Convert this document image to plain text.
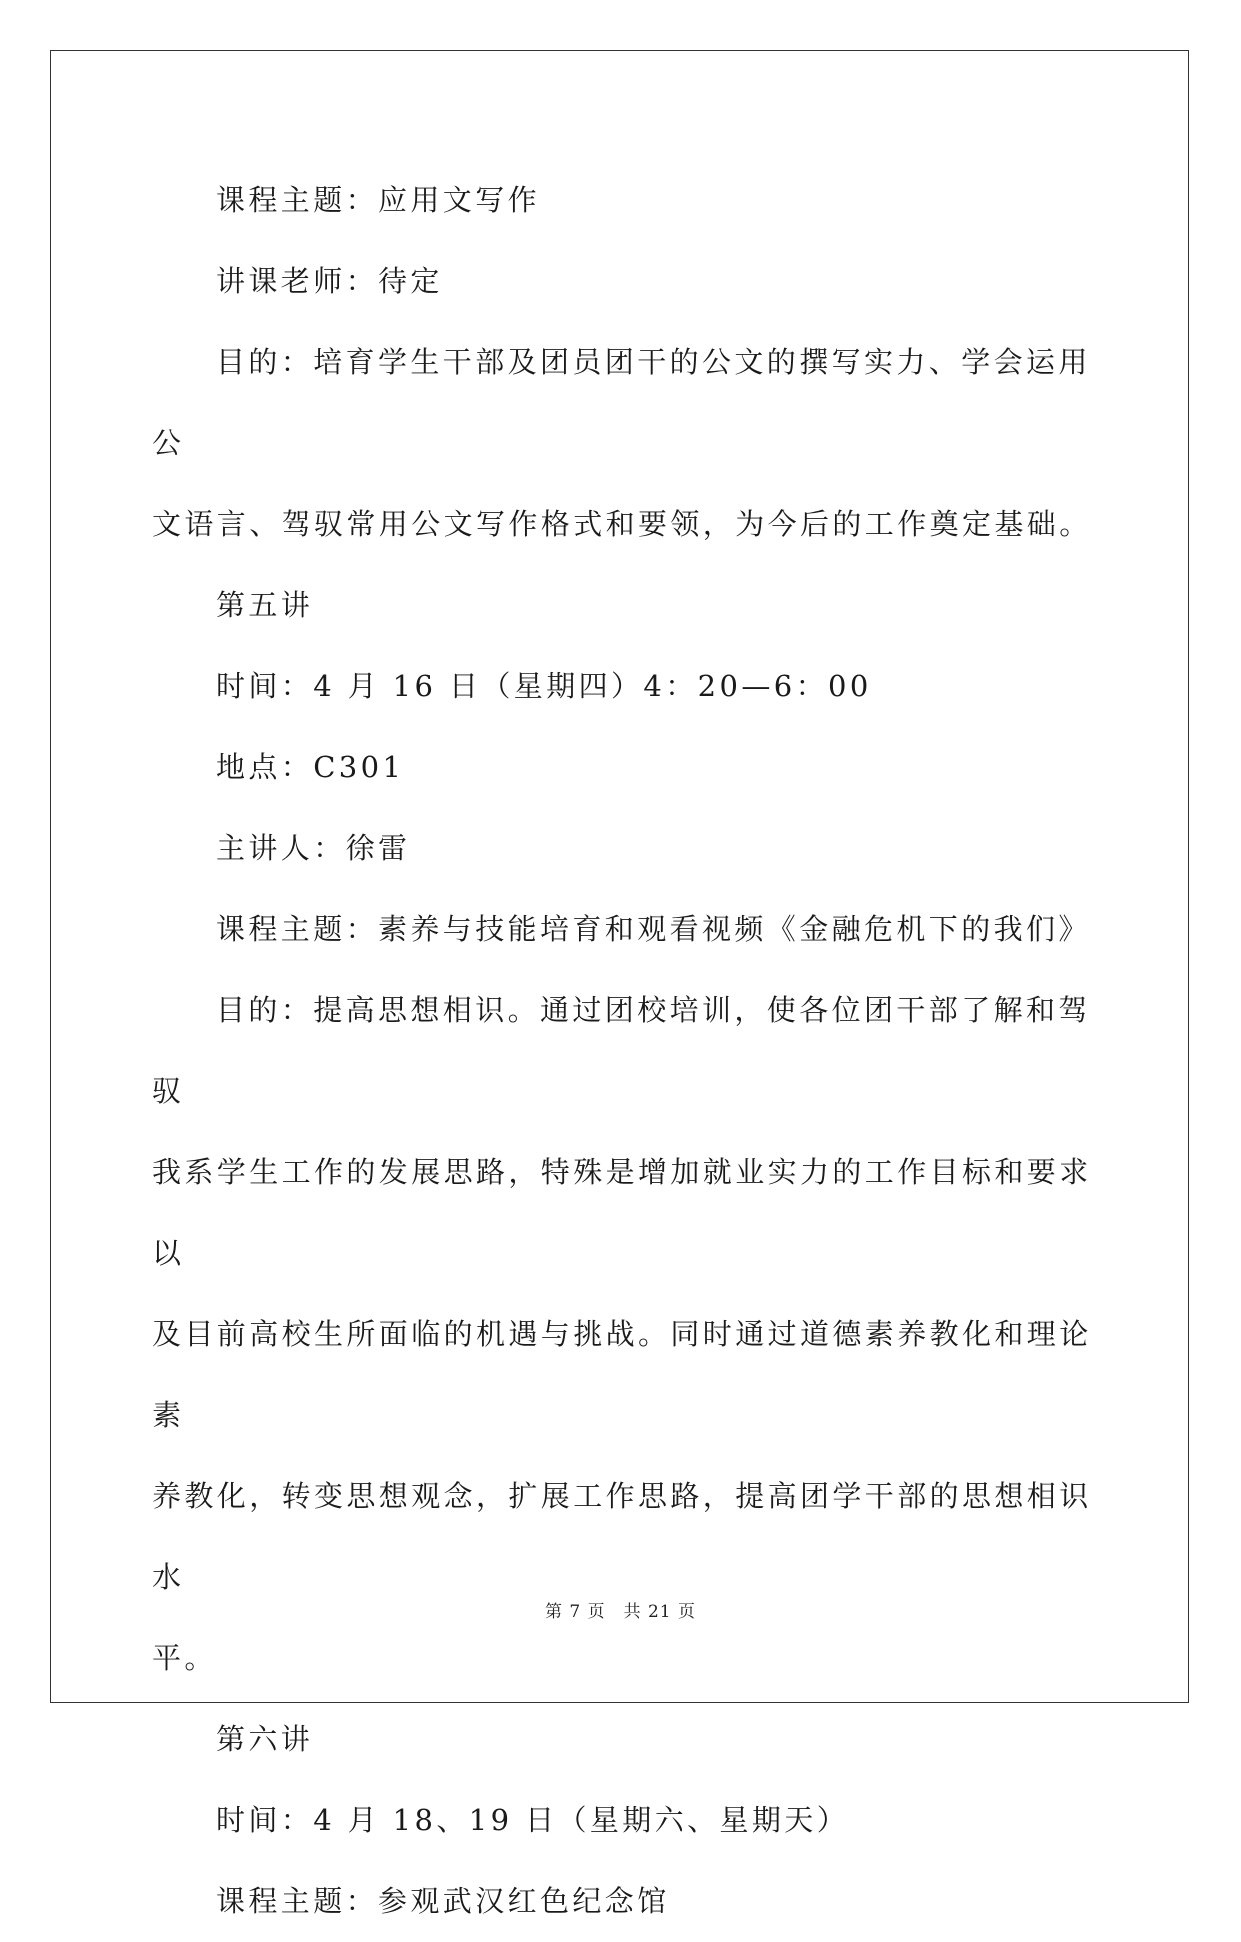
课程主题：应用文写作

讲课老师：待定

目的：培育学生干部及团员团干的公文的撰写实力、学会运用公
文语言、驾驭常用公文写作格式和要领，为今后的工作奠定基础。

第五讲

时间：4 月 16 日（星期四）4：20—6：00

地点：C301

主讲人：徐雷

课程主题：素养与技能培育和观看视频《金融危机下的我们》

目的：提高思想相识。通过团校培训，使各位团干部了解和驾驭
我系学生工作的发展思路，特殊是增加就业实力的工作目标和要求以
及目前高校生所面临的机遇与挑战。同时通过道德素养教化和理论素
养教化，转变思想观念，扩展工作思路，提高团学干部的思想相识水
平。

第六讲

时间：4 月 18、19 日（星期六、星期天）

课程主题：参观武汉红色纪念馆

第 7 页 共 21 页
